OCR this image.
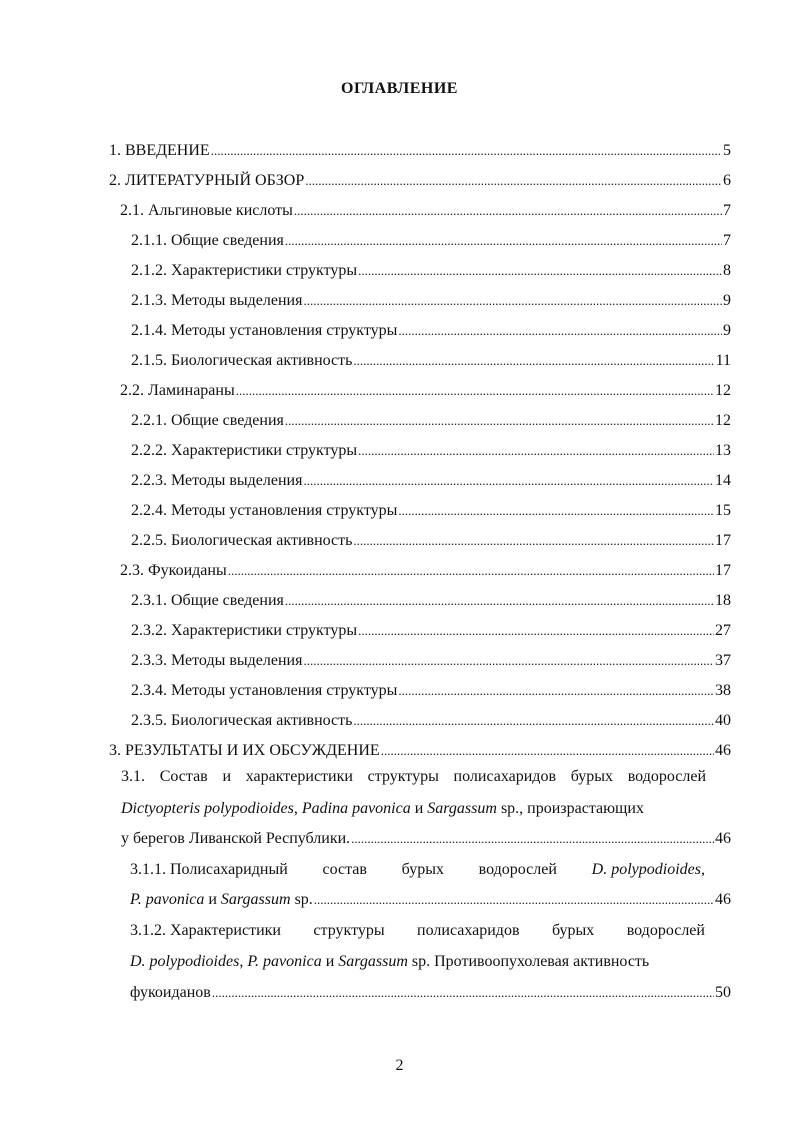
ОГЛАВЛЕНИЕ
1. ВВЕДЕНИЕ .....	5
2. ЛИТЕРАТУРНЫЙ ОБЗОР .....	6
2.1. Альгиновые кислоты .....	7
2.1.1. Общие сведения .....	7
2.1.2. Характеристики структуры .....	8
2.1.3. Методы выделения .....	9
2.1.4. Методы установления структуры .....	9
2.1.5. Биологическая активность .....	11
2.2. Ламинараны .....	12
2.2.1. Общие сведения .....	12
2.2.2. Характеристики структуры .....	13
2.2.3. Методы выделения .....	14
2.2.4. Методы установления структуры .....	15
2.2.5. Биологическая активность .....	17
2.3. Фукоиданы .....	17
2.3.1. Общие сведения .....	18
2.3.2. Характеристики структуры .....	27
2.3.3. Методы выделения .....	37
2.3.4. Методы установления структуры .....	38
2.3.5. Биологическая активность .....	40
3. РЕЗУЛЬТАТЫ И ИХ ОБСУЖДЕНИЕ .....	46
3.1. Состав и характеристики структуры полисахаридов бурых водорослей
Dictyopteris polypodioides, Padina pavonica и Sargassum sp., произрастающих
у берегов Ливанской Республики. .....	46
3.1.1. Полисахаридный состав бурых водорослей D. polypodioides,
P. pavonica и Sargassum sp. .....	46
3.1.2. Характеристики структуры полисахаридов бурых водорослей
D. polypodioides, P. pavonica и Sargassum sp. Противоопухолевая активность
фукоиданов .....	50
2
